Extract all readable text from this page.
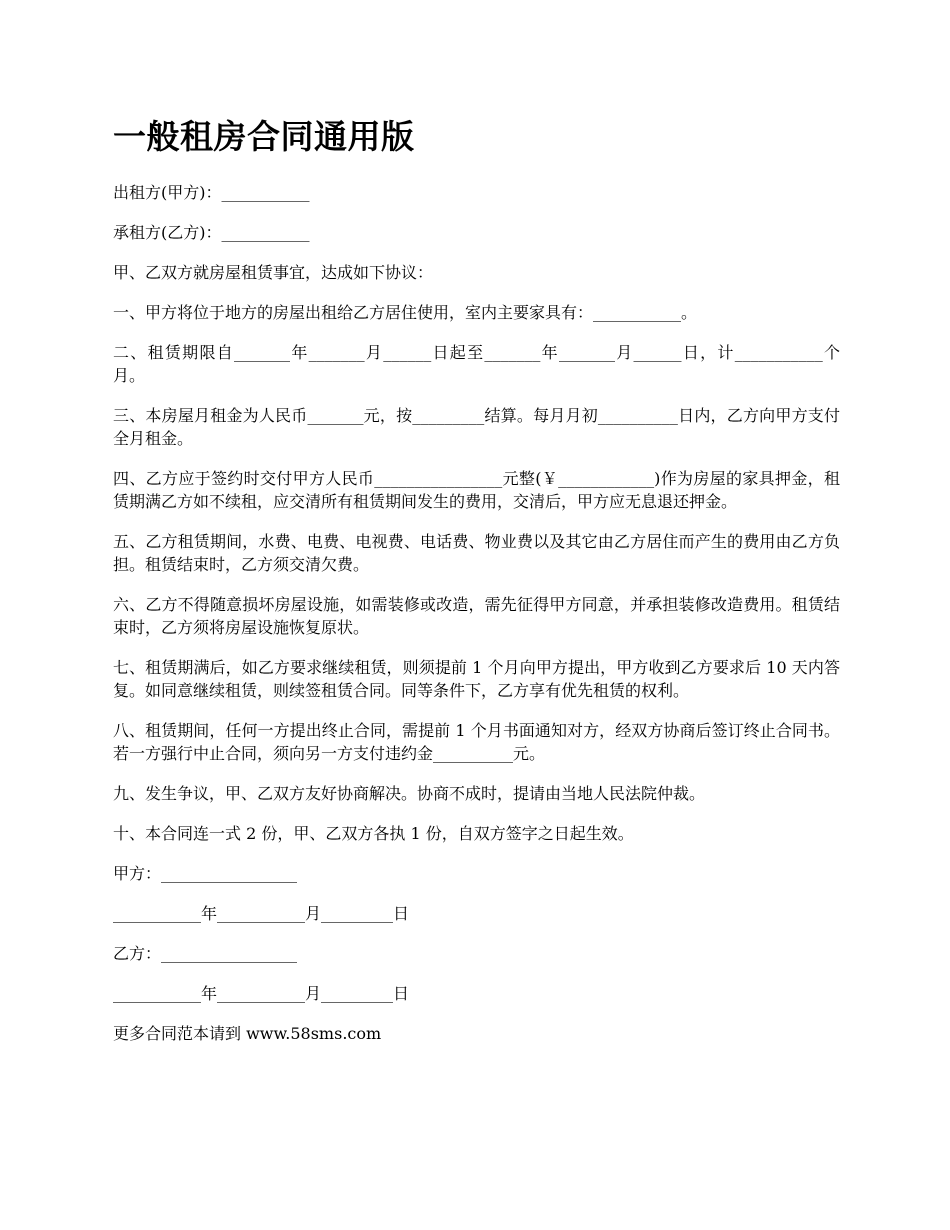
一般租房合同通用版

出租方(甲方)：___________

承租方(乙方)：___________

甲、乙双方就房屋租赁事宜，达成如下协议：

一、甲方将位于地方的房屋出租给乙方居住使用，室内主要家具有：___________。

二、租赁期限自_______年_______月______日起至_______年_______月______日，计___________个月。

三、本房屋月租金为人民币_______元，按_________结算。每月月初__________日内，乙方向甲方支付全月租金。

四、乙方应于签约时交付甲方人民币________________元整(￥____________)作为房屋的家具押金，租赁期满乙方如不续租，应交清所有租赁期间发生的费用，交清后，甲方应无息退还押金。

五、乙方租赁期间，水费、电费、电视费、电话费、物业费以及其它由乙方居住而产生的费用由乙方负担。租赁结束时，乙方须交清欠费。

六、乙方不得随意损坏房屋设施，如需装修或改造，需先征得甲方同意，并承担装修改造费用。租赁结束时，乙方须将房屋设施恢复原状。

七、租赁期满后，如乙方要求继续租赁，则须提前 1 个月向甲方提出，甲方收到乙方要求后 10 天内答复。如同意继续租赁，则续签租赁合同。同等条件下，乙方享有优先租赁的权利。

八、租赁期间，任何一方提出终止合同，需提前 1 个月书面通知对方，经双方协商后签订终止合同书。若一方强行中止合同，须向另一方支付违约金__________元。

九、发生争议，甲、乙双方友好协商解决。协商不成时，提请由当地人民法院仲裁。

十、本合同连一式 2 份，甲、乙双方各执 1 份，自双方签字之日起生效。

甲方：_________________

___________年___________月_________日

乙方：_________________

___________年___________月_________日

更多合同范本请到 www.58sms.com
